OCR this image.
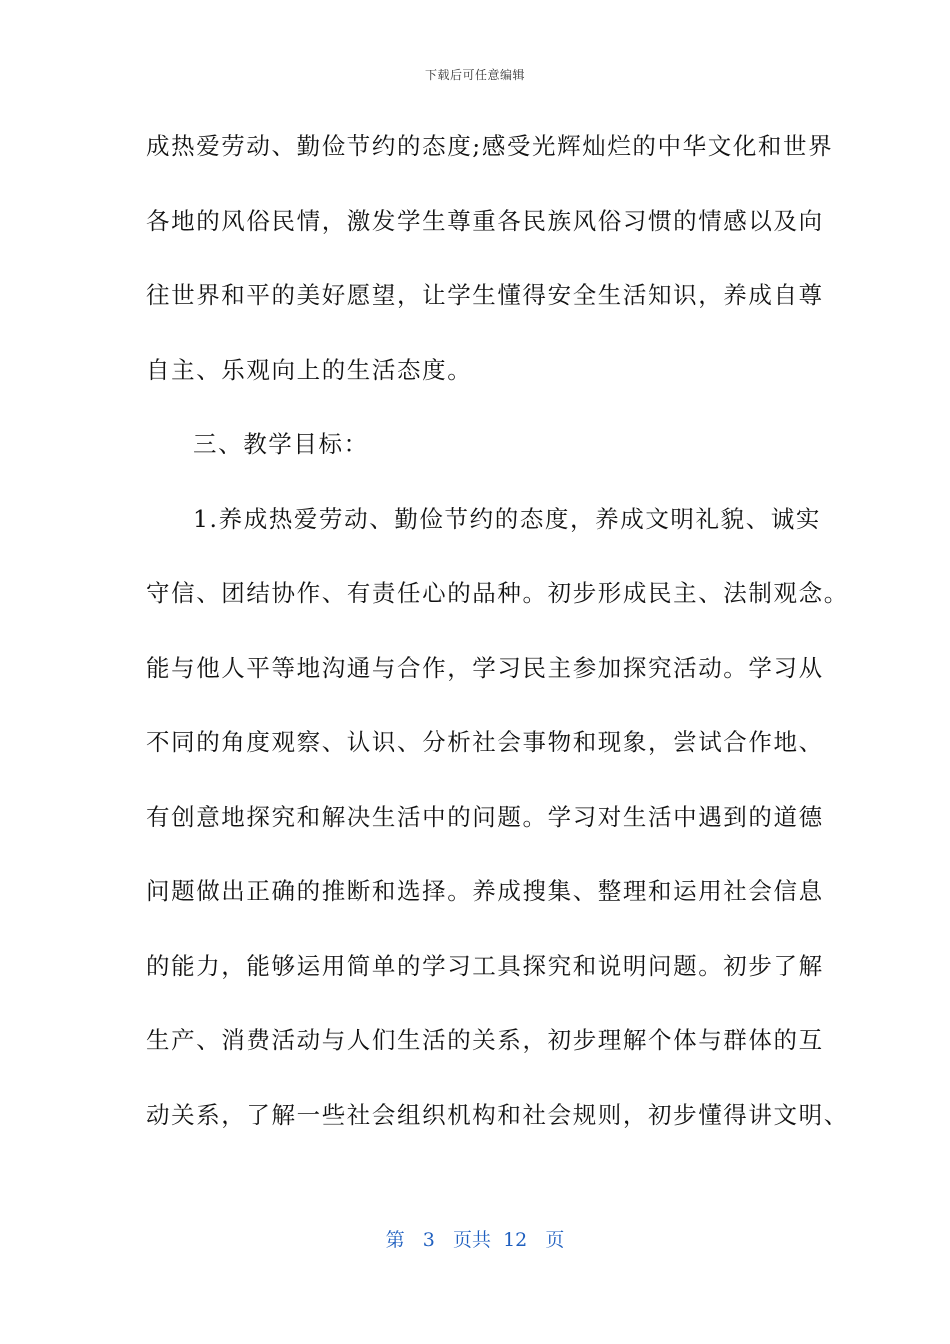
下载后可任意编辑
成热爱劳动、勤俭节约的态度;感受光辉灿烂的中华文化和世界
各地的风俗民情，激发学生尊重各民族风俗习惯的情感以及向
往世界和平的美好愿望，让学生懂得安全生活知识，养成自尊
自主、乐观向上的生活态度。
三、教学目标：
1.养成热爱劳动、勤俭节约的态度，养成文明礼貌、诚实
守信、团结协作、有责任心的品种。初步形成民主、法制观念。
能与他人平等地沟通与合作，学习民主参加探究活动。学习从
不同的角度观察、认识、分析社会事物和现象，尝试合作地、
有创意地探究和解决生活中的问题。学习对生活中遇到的道德
问题做出正确的推断和选择。养成搜集、整理和运用社会信息
的能力，能够运用简单的学习工具探究和说明问题。初步了解
生产、消费活动与人们生活的关系，初步理解个体与群体的互
动关系，了解一些社会组织机构和社会规则，初步懂得讲文明、
第 3 页共 12 页
